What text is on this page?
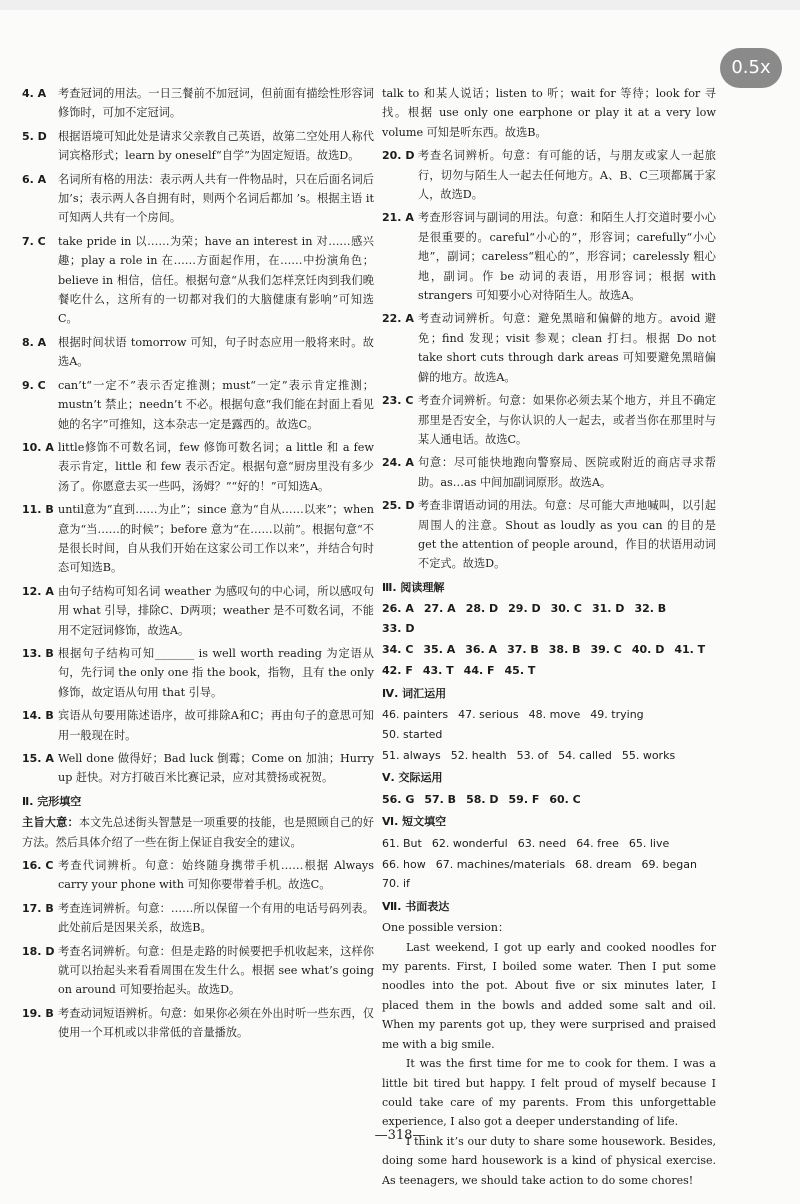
4. A	考查冠词的用法。一日三餐前不加冠词，但前面有描绘性形容词修饰时，可加不定冠词。
5. D	根据语境可知此处是请求父亲教自己英语，故第二空处用人称代词宾格形式；learn by oneself“自学”为固定短语。故选D。
6. A	名词所有格的用法：表示两人共有一件物品时，只在后面名词后加’s；表示两人各自拥有时，则两个名词后都加 ’s。根据主语 it 可知两人共有一个房间。
7. C	take pride in 以……为荣；have an interest in 对……感兴趣；play a role in 在……方面起作用，在……中扮演角色；believe in 相信，信任。根据句意“从我们怎样烹饪肉到我们晚餐吃什么，这所有的一切都对我们的大脑健康有影响”可知选C。
8. A	根据时间状语 tomorrow 可知，句子时态应用一般将来时。故选A。
9. C	can’t“一定不”表示否定推测；must“一定”表示肯定推测；mustn’t 禁止；needn’t 不必。根据句意“我们能在封面上看见她的名字”可推知，这本杂志一定是露西的。故选C。
10. A little修饰不可数名词，few 修饰可数名词；a little 和 a few 表示肯定，little 和 few 表示否定。根据句意“厨房里没有多少汤了。你愿意去买一些吗，汤姆？”“好的！”可知选A。
11. B until意为“直到……为止”；since 意为“自从……以来”；when 意为“当……的时候”；before 意为“在……以前”。根据句意“不是很长时间，自从我们开始在这家公司工作以来”，并结合句时态可知选B。
12. A 由句子结构可知名词 weather 为感叹句的中心词，所以感叹句用 what 引导，排除C、D两项；weather 是不可数名词，不能用不定冠词修饰，故选A。
13. B 根据句子结构可知_______ is well worth reading 为定语从句，先行词 the only one 指 the book，指物，且有 the only 修饰，故定语从句用 that 引导。
14. B 宾语从句要用陈述语序，故可排除A和C；再由句子的意思可知用一般现在时。
15. A Well done 做得好；Bad luck 倒霉；Come on 加油；Hurry up 赶快。对方打破百米比赛记录，应对其赞扬或祝贺。
Ⅱ. 完形填空
主旨大意：本文先总述街头智慧是一项重要的技能，也是照顾自己的好方法。然后具体介绍了一些在街上保证自我安全的建议。
16. C 考查代词辨析。句意：始终随身携带手机……根据 Always carry your phone with 可知你要带着手机。故选C。
17. B 考查连词辨析。句意：……所以保留一个有用的电话号码列表。此处前后是因果关系，故选B。
18. D 考查名词辨析。句意：但是走路的时候要把手机收起来，这样你就可以抬起头来看看周围在发生什么。根据 see what’s going on around 可知要抬起头。故选D。
19. B 考查动词短语辨析。句意：如果你必须在外出时听一些东西，仅使用一个耳机或以非常低的音量播放。
talk to 和某人说话；listen to 听；wait for 等待；look for 寻找。根据 use only one earphone or play it at a very low volume 可知是听东西。故选B。
20. D 考查名词辨析。句意：有可能的话，与朋友或家人一起旅行，切勿与陌生人一起去任何地方。A、B、C三项都属于家人，故选D。
21. A 考查形容词与副词的用法。句意：和陌生人打交道时要小心是很重要的。careful“小心的”，形容词；carefully“小心地”，副词；careless“粗心的”，形容词；carelessly 粗心地，副词。作 be 动词的表语，用形容词；根据 with strangers 可知要小心对待陌生人。故选A。
22. A 考查动词辨析。句意：避免黑暗和偏僻的地方。avoid 避免；find 发现；visit 参观；clean 打扫。根据 Do not take short cuts through dark areas 可知要避免黑暗偏僻的地方。故选A。
23. C 考查介词辨析。句意：如果你必须去某个地方，并且不确定那里是否安全，与你认识的人一起去，或者当你在那里时与某人通电话。故选C。
24. A 句意：尽可能快地跑向警察局、医院或附近的商店寻求帮助。as…as 中间加副词原形。故选A。
25. D 考查非谓语动词的用法。句意：尽可能大声地喊叫，以引起周围人的注意。Shout as loudly as you can 的目的是 get the attention of people around，作目的状语用动词不定式。故选D。
Ⅲ. 阅读理解
26. A 27. A 28. D 29. D 30. C 31. D 32. B
33. D
34. C 35. A 36. A 37. B 38. B 39. C 40. D 41. T
42. F 43. T 44. F 45. T
Ⅳ. 词汇运用
46. painters 47. serious 48. move 49. trying
50. started
51. always 52. health 53. of 54. called 55. works
Ⅴ. 交际运用
56. G 57. B 58. D 59. F 60. C
Ⅵ. 短文填空
61. But 62. wonderful 63. need 64. free 65. live
66. how 67. machines/materials 68. dream 69. began
70. if
Ⅶ. 书面表达
One possible version：

Last weekend, I got up early and cooked noodles for my parents. First, I boiled some water. Then I put some noodles into the pot. About five or six minutes later, I placed them in the bowls and added some salt and oil. When my parents got up, they were surprised and praised me with a big smile.

It was the first time for me to cook for them. I was a little bit tired but happy. I felt proud of myself because I could take care of my parents. From this unforgettable experience, I also got a deeper understanding of life.

I think it’s our duty to share some housework. Besides, doing some hard housework is a kind of physical exercise. As teenagers, we should take action to do some chores!

—318—
0.5x
